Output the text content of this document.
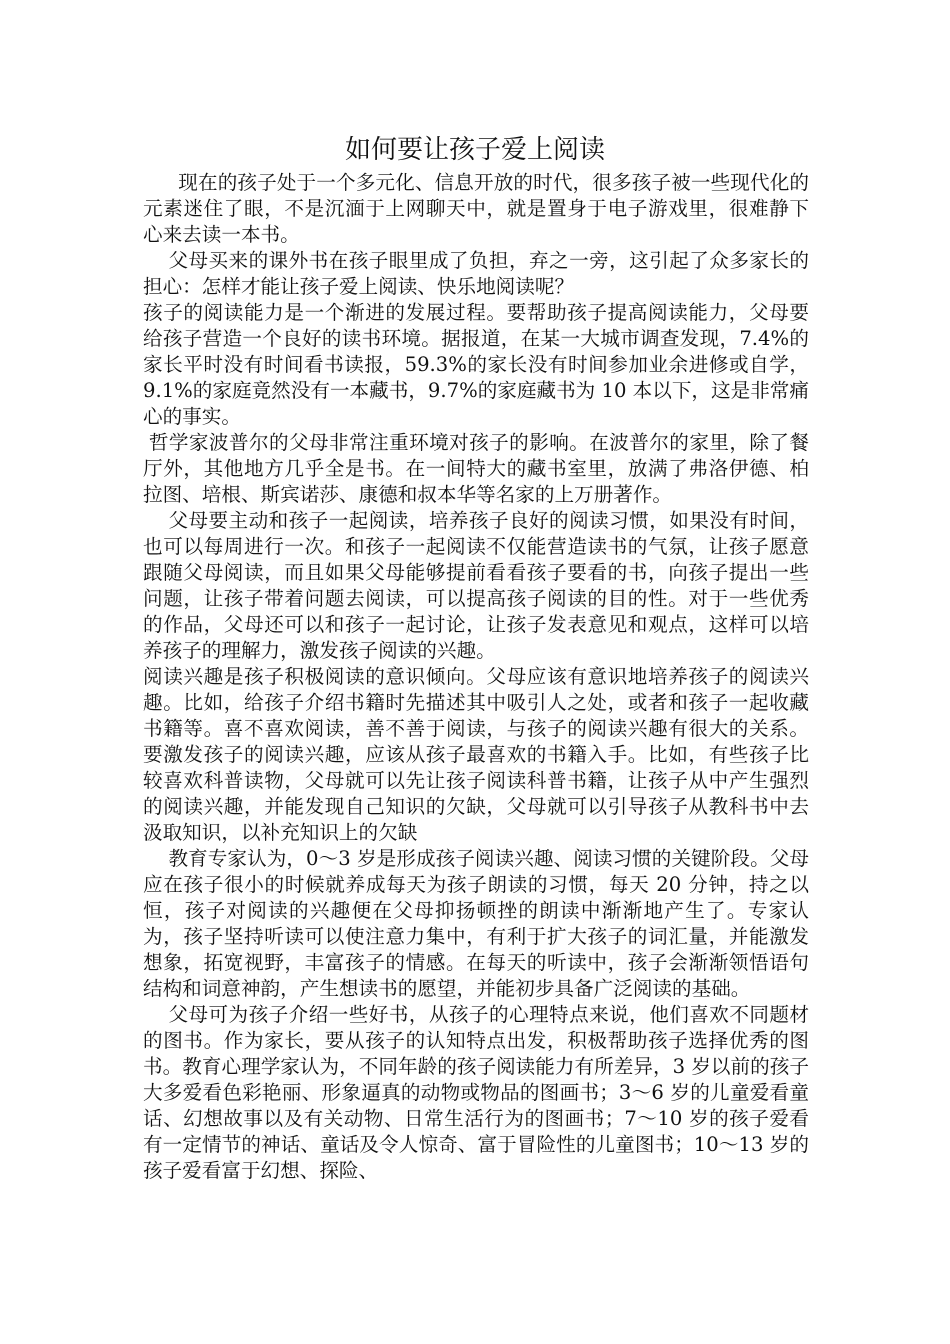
如何要让孩子爱上阅读

现在的孩子处于一个多元化、信息开放的时代，很多孩子被一些现代化的元素迷住了眼，不是沉湎于上网聊天中，就是置身于电子游戏里，很难静下心来去读一本书。

父母买来的课外书在孩子眼里成了负担，弃之一旁，这引起了众多家长的担心：怎样才能让孩子爱上阅读、快乐地阅读呢？

孩子的阅读能力是一个渐进的发展过程。要帮助孩子提高阅读能力，父母要给孩子营造一个良好的读书环境。据报道，在某一大城市调查发现，7.4%的家长平时没有时间看书读报，59.3%的家长没有时间参加业余进修或自学，9.1%的家庭竟然没有一本藏书，9.7%的家庭藏书为 10 本以下，这是非常痛心的事实。

哲学家波普尔的父母非常注重环境对孩子的影响。在波普尔的家里，除了餐厅外，其他地方几乎全是书。在一间特大的藏书室里，放满了弗洛伊德、柏拉图、培根、斯宾诺莎、康德和叔本华等名家的上万册著作。

父母要主动和孩子一起阅读，培养孩子良好的阅读习惯，如果没有时间，也可以每周进行一次。和孩子一起阅读不仅能营造读书的气氛，让孩子愿意跟随父母阅读，而且如果父母能够提前看看孩子要看的书，向孩子提出一些问题，让孩子带着问题去阅读，可以提高孩子阅读的目的性。对于一些优秀的作品，父母还可以和孩子一起讨论，让孩子发表意见和观点，这样可以培养孩子的理解力，激发孩子阅读的兴趣。

阅读兴趣是孩子积极阅读的意识倾向。父母应该有意识地培养孩子的阅读兴趣。比如，给孩子介绍书籍时先描述其中吸引人之处，或者和孩子一起收藏书籍等。喜不喜欢阅读，善不善于阅读，与孩子的阅读兴趣有很大的关系。要激发孩子的阅读兴趣，应该从孩子最喜欢的书籍入手。比如，有些孩子比较喜欢科普读物，父母就可以先让孩子阅读科普书籍，让孩子从中产生强烈的阅读兴趣，并能发现自己知识的欠缺，父母就可以引导孩子从教科书中去汲取知识，以补充知识上的欠缺

教育专家认为，0～3 岁是形成孩子阅读兴趣、阅读习惯的关键阶段。父母应在孩子很小的时候就养成每天为孩子朗读的习惯，每天 20 分钟，持之以恒，孩子对阅读的兴趣便在父母抑扬顿挫的朗读中渐渐地产生了。专家认为，孩子坚持听读可以使注意力集中，有利于扩大孩子的词汇量，并能激发想象，拓宽视野，丰富孩子的情感。在每天的听读中，孩子会渐渐领悟语句结构和词意神韵，产生想读书的愿望，并能初步具备广泛阅读的基础。

父母可为孩子介绍一些好书，从孩子的心理特点来说，他们喜欢不同题材的图书。作为家长，要从孩子的认知特点出发，积极帮助孩子选择优秀的图书。教育心理学家认为，不同年龄的孩子阅读能力有所差异，3 岁以前的孩子大多爱看色彩艳丽、形象逼真的动物或物品的图画书；3～6 岁的儿童爱看童话、幻想故事以及有关动物、日常生活行为的图画书；7～10 岁的孩子爱看有一定情节的神话、童话及令人惊奇、富于冒险性的儿童图书；10～13 岁的孩子爱看富于幻想、探险、
